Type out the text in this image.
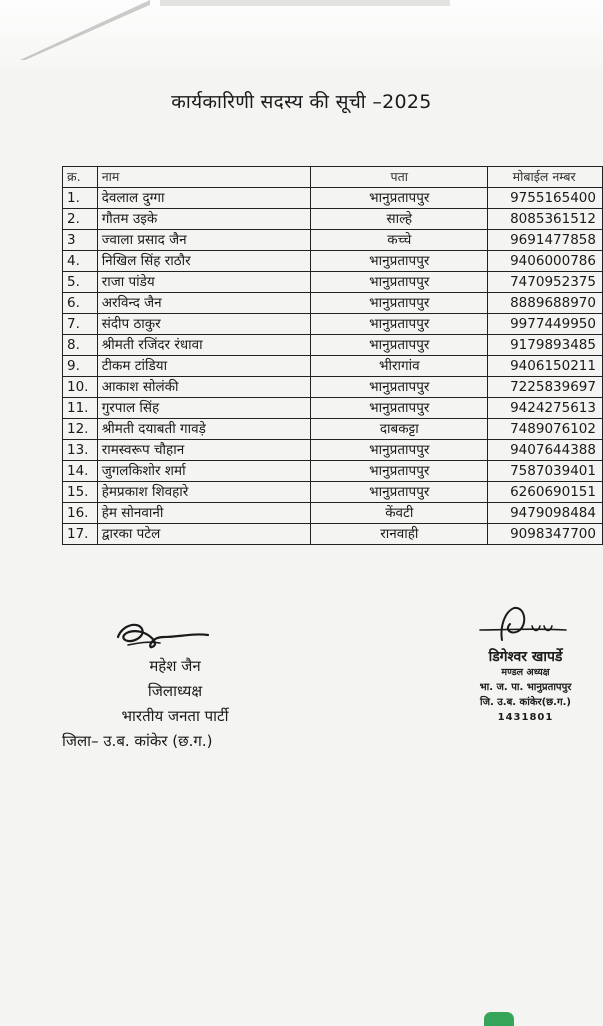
कार्यकारिणी सदस्य की सूची –2025
क्र.	नाम	पता	मोबाईल नम्बर
1.	देवलाल दुग्गा	भानुप्रतापपुर	9755165400
2.	गौतम उइके	साल्हे	8085361512
3	ज्वाला प्रसाद जैन	कच्चे	9691477858
4.	निखिल सिंह राठौर	भानुप्रतापपुर	9406000786
5.	राजा पांडेय	भानुप्रतापपुर	7470952375
6.	अरविन्द जैन	भानुप्रतापपुर	8889688970
7.	संदीप ठाकुर	भानुप्रतापपुर	9977449950
8.	श्रीमती रजिंदर रंधावा	भानुप्रतापपुर	9179893485
9.	टीकम टांडिया	भीरागांव	9406150211
10.	आकाश सोलंकी	भानुप्रतापपुर	7225839697
11.	गुरपाल सिंह	भानुप्रतापपुर	9424275613
12.	श्रीमती दयाबती गावड़े	दाबकट्टा	7489076102
13.	रामस्वरूप चौहान	भानुप्रतापपुर	9407644388
14.	जुगलकिशोर शर्मा	भानुप्रतापपुर	7587039401
15.	हेमप्रकाश शिवहारे	भानुप्रतापपुर	6260690151
16.	हेम सोनवानी	केंवटी	9479098484
17.	द्वारका पटेल	रानवाही	9098347700
महेश जैन
जिलाध्यक्ष
भारतीय जनता पार्टी
जिला– उ.ब. कांकेर (छ.ग.)
डिगेश्वर खापर्डे
मण्डल अध्यक्ष
भा. ज. पा. भानुप्रतापपुर
जि. उ.ब. कांकेर(छ.ग.)
1431801
